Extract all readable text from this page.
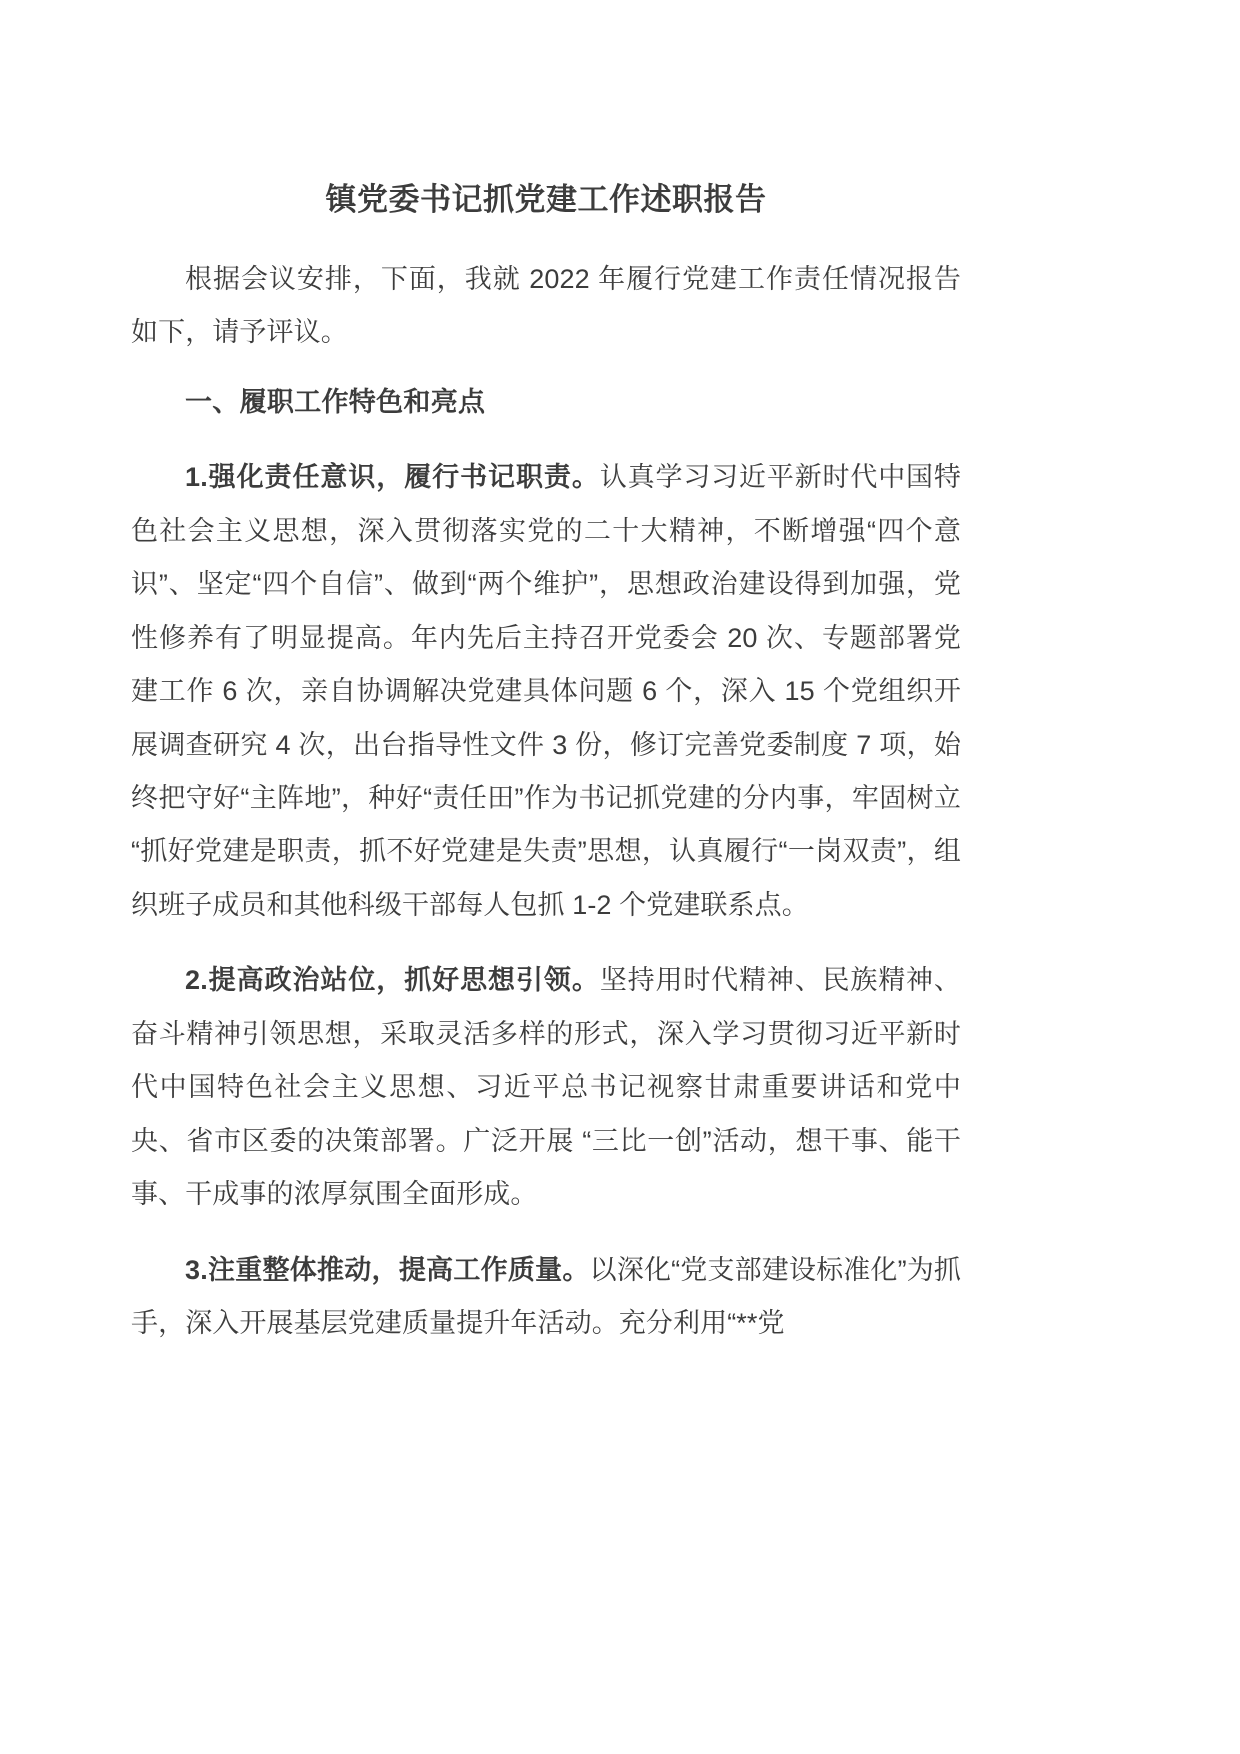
镇党委书记抓党建工作述职报告

根据会议安排，下面，我就 2022 年履行党建工作责任情况报告如下，请予评议。

一、履职工作特色和亮点

1.强化责任意识，履行书记职责。认真学习习近平新时代中国特色社会主义思想，深入贯彻落实党的二十大精神，不断增强“四个意识”、坚定“四个自信”、做到“两个维护”，思想政治建设得到加强，党性修养有了明显提高。年内先后主持召开党委会 20 次、专题部署党建工作 6 次，亲自协调解决党建具体问题 6 个，深入 15 个党组织开展调查研究 4 次，出台指导性文件 3 份，修订完善党委制度 7 项，始终把守好“主阵地”，种好“责任田”作为书记抓党建的分内事，牢固树立“抓好党建是职责，抓不好党建是失责”思想，认真履行“一岗双责”，组织班子成员和其他科级干部每人包抓 1-2 个党建联系点。

2.提高政治站位，抓好思想引领。坚持用时代精神、民族精神、奋斗精神引领思想，采取灵活多样的形式，深入学习贯彻习近平新时代中国特色社会主义思想、习近平总书记视察甘肃重要讲话和党中央、省市区委的决策部署。广泛开展 “三比一创”活动，想干事、能干事、干成事的浓厚氛围全面形成。

3.注重整体推动，提高工作质量。以深化“党支部建设标准化”为抓手，深入开展基层党建质量提升年活动。充分利用“**党
